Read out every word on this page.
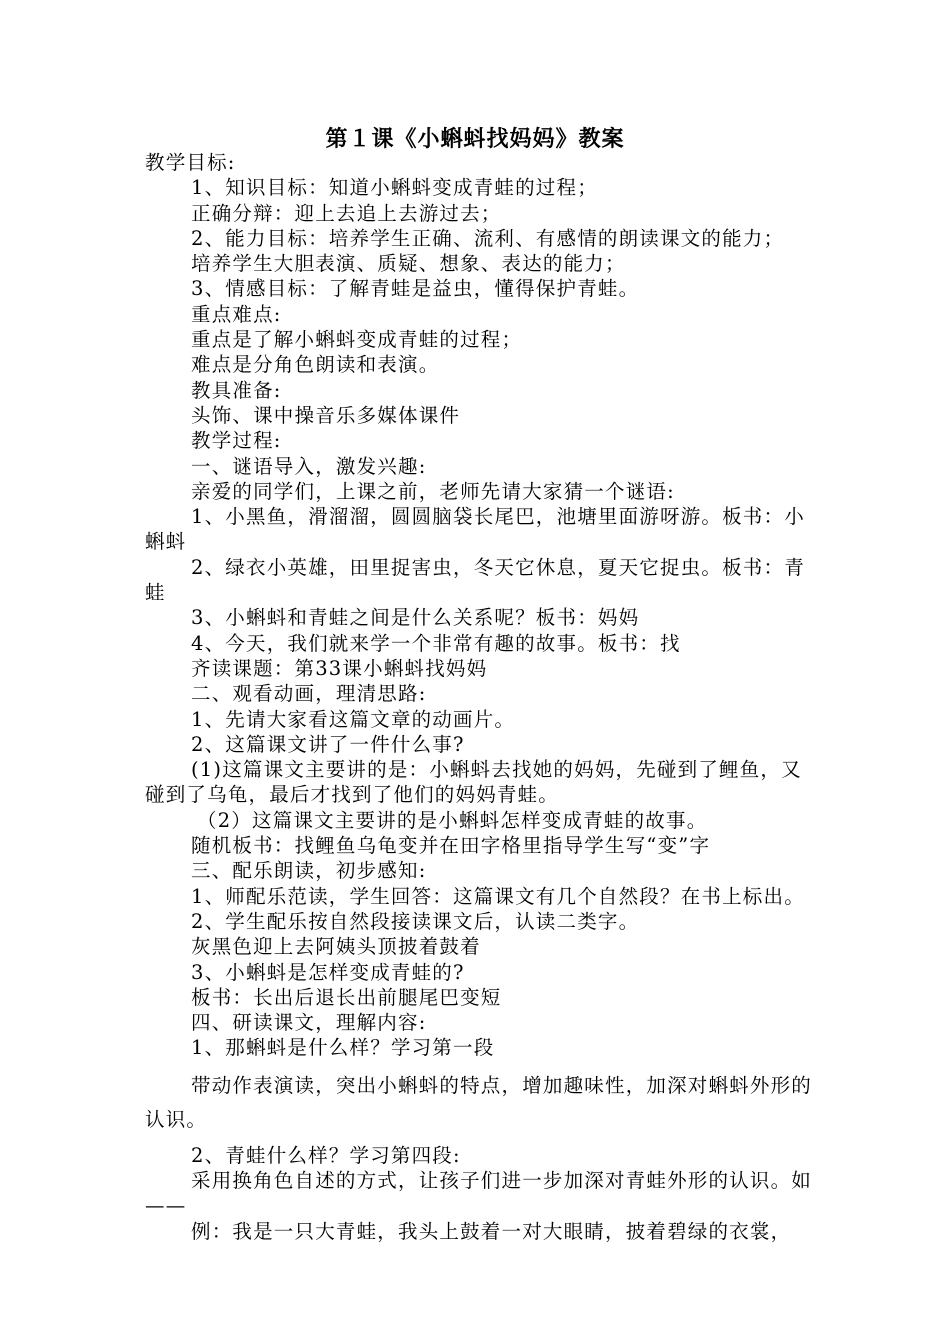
第１课《小蝌蚪找妈妈》教案
教学目标:
1、知识目标：知道小蝌蚪变成青蛙的过程；
正确分辩：迎上去追上去游过去；
2、能力目标：培养学生正确、流利、有感情的朗读课文的能力；
培养学生大胆表演、质疑、想象、表达的能力；
3、情感目标：了解青蛙是益虫，懂得保护青蛙。
重点难点:
重点是了解小蝌蚪变成青蛙的过程；
难点是分角色朗读和表演。
教具准备:
头饰、课中操音乐多媒体课件
教学过程:
一、谜语导入，激发兴趣:
亲爱的同学们，上课之前，老师先请大家猜一个谜语:
1、小黑鱼，滑溜溜，圆圆脑袋长尾巴，池塘里面游呀游。板书：小蝌蚪
2、绿衣小英雄，田里捉害虫，冬天它休息，夏天它捉虫。板书：青蛙
3、小蝌蚪和青蛙之间是什么关系呢？板书：妈妈
4、今天，我们就来学一个非常有趣的故事。板书：找
齐读课题：第33课小蝌蚪找妈妈
二、观看动画，理清思路:
1、先请大家看这篇文章的动画片。
2、这篇课文讲了一件什么事?
(1)这篇课文主要讲的是：小蝌蚪去找她的妈妈，先碰到了鲤鱼，又碰到了乌龟，最后才找到了他们的妈妈青蛙。
（2）这篇课文主要讲的是小蝌蚪怎样变成青蛙的故事。
随机板书：找鲤鱼乌龟变并在田字格里指导学生写“变”字
三、配乐朗读，初步感知:
1、师配乐范读，学生回答：这篇课文有几个自然段？在书上标出。
2、学生配乐按自然段接读课文后，认读二类字。
灰黑色迎上去阿姨头顶披着鼓着
3、小蝌蚪是怎样变成青蛙的?
板书：长出后退长出前腿尾巴变短
四、研读课文，理解内容:
1、那蝌蚪是什么样？学习第一段
带动作表演读，突出小蝌蚪的特点，增加趣味性，加深对蝌蚪外形的认识。
2、青蛙什么样？学习第四段:
采用换角色自述的方式，让孩子们进一步加深对青蛙外形的认识。如——
例：我是一只大青蛙，我头上鼓着一对大眼睛，披着碧绿的衣裳，
